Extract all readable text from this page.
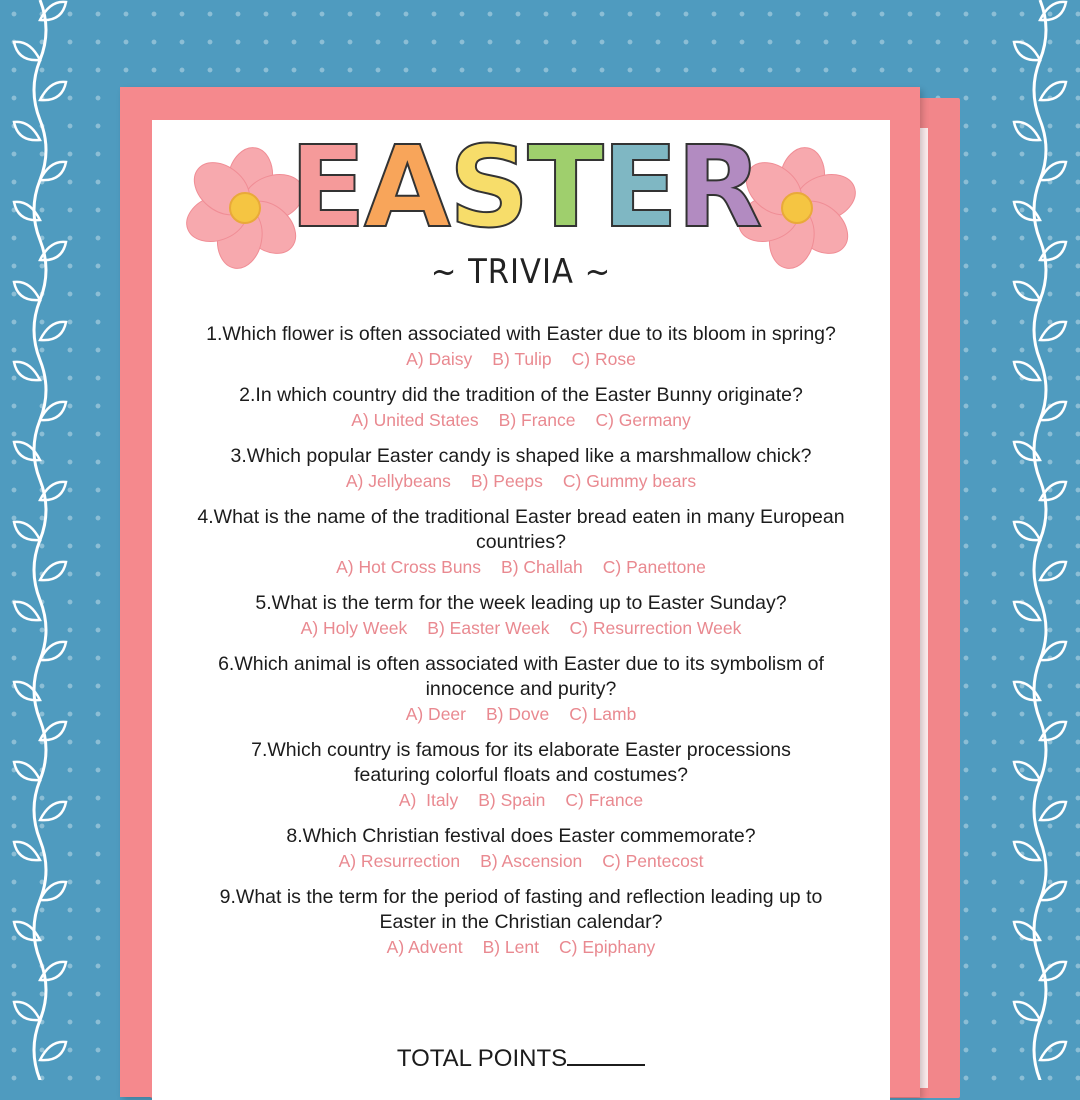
E A S T E R
~ TRIVIA ~
1.Which flower is often associated with Easter due to its bloom in spring?
A) Daisy B) Tulip C) Rose
2.In which country did the tradition of the Easter Bunny originate?
A) United States B) France C) Germany
3.Which popular Easter candy is shaped like a marshmallow chick?
A) Jellybeans B) Peeps C) Gummy bears
4.What is the name of the traditional Easter bread eaten in many European countries?
A) Hot Cross Buns B) Challah C) Panettone
5.What is the term for the week leading up to Easter Sunday?
A) Holy Week B) Easter Week C) Resurrection Week
6.Which animal is often associated with Easter due to its symbolism of innocence and purity?
A) Deer B) Dove C) Lamb
7.Which country is famous for its elaborate Easter processions featuring colorful floats and costumes?
A)  Italy B) Spain C) France
8.Which Christian festival does Easter commemorate?
A) Resurrection B) Ascension C) Pentecost
9.What is the term for the period of fasting and reflection leading up to Easter in the Christian calendar?
A) Advent B) Lent C) Epiphany
TOTAL POINTS
